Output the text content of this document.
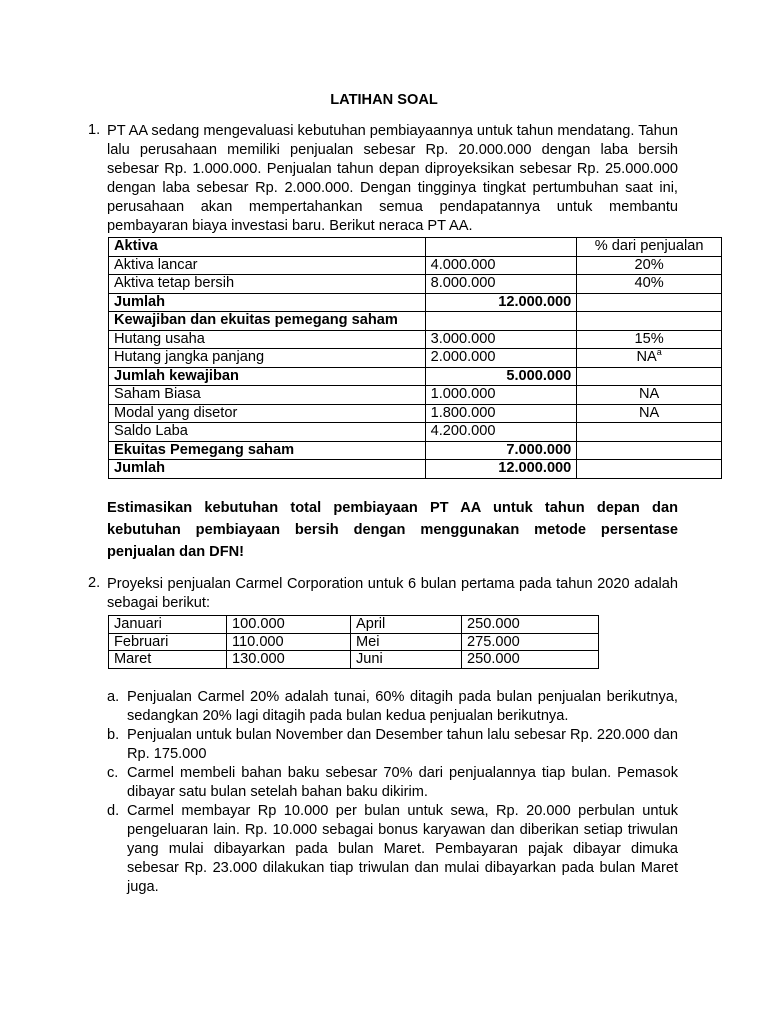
LATIHAN SOAL
1. PT AA sedang mengevaluasi kebutuhan pembiayaannya untuk tahun mendatang. Tahun lalu perusahaan memiliki penjualan sebesar Rp. 20.000.000 dengan laba bersih sebesar Rp. 1.000.000. Penjualan tahun depan diproyeksikan sebesar Rp. 25.000.000 dengan laba sebesar Rp. 2.000.000. Dengan tingginya tingkat pertumbuhan saat ini, perusahaan akan mempertahankan semua pendapatannya untuk membantu pembayaran biaya investasi baru. Berikut neraca PT AA.

Aktiva		% dari penjualan
Aktiva lancar	4.000.000	20%
Aktiva tetap bersih	8.000.000	40%
Jumlah	12.000.000	
Kewajiban dan ekuitas pemegang saham		
Hutang usaha	3.000.000	15%
Hutang jangka panjang	2.000.000	$NA^a$
Jumlah kewajiban	5.000.000	
Saham Biasa	1.000.000	NA
Modal yang disetor	1.800.000	NA
Saldo Laba	4.200.000	
Ekuitas Pemegang saham	7.000.000	
Jumlah	12.000.000	

Estimasikan kebutuhan total pembiayaan PT AA untuk tahun depan dan kebutuhan pembiayaan bersih dengan menggunakan metode persentase penjualan dan DFN!

2. Proyeksi penjualan Carmel Corporation untuk 6 bulan pertama pada tahun 2020 adalah sebagai berikut:

Januari	100.000	April	250.000
Februari	110.000	Mei	275.000
Maret	130.000	Juni	250.000
a. Penjualan Carmel 20% adalah tunai, 60% ditagih pada bulan penjualan berikutnya, sedangkan 20% lagi ditagih pada bulan kedua penjualan berikutnya.
b. Penjualan untuk bulan November dan Desember tahun lalu sebesar Rp. 220.000 dan Rp. 175.000
c. Carmel membeli bahan baku sebesar 70% dari penjualannya tiap bulan. Pemasok dibayar satu bulan setelah bahan baku dikirim.
d. Carmel membayar Rp 10.000 per bulan untuk sewa, Rp. 20.000 perbulan untuk pengeluaran lain. Rp. 10.000 sebagai bonus karyawan dan diberikan setiap triwulan yang mulai dibayarkan pada bulan Maret. Pembayaran pajak dibayar dimuka sebesar Rp. 23.000 dilakukan tiap triwulan dan mulai dibayarkan pada bulan Maret juga.
